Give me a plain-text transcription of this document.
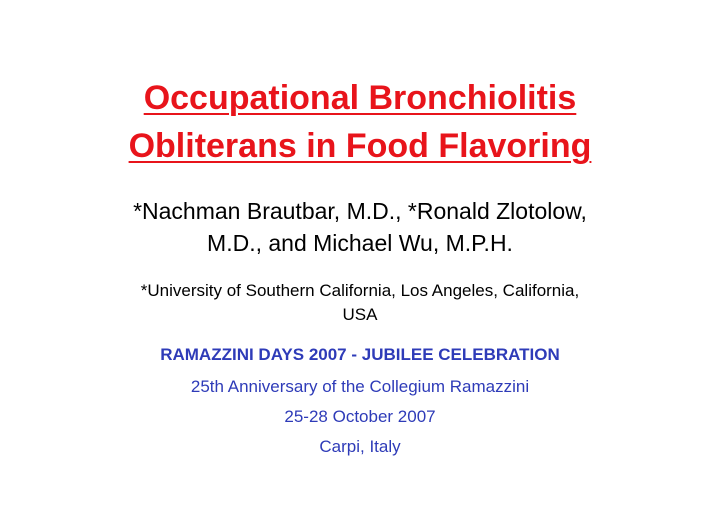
Occupational Bronchiolitis
Obliterans in Food Flavoring
*Nachman Brautbar, M.D., *Ronald Zlotolow,
M.D., and Michael Wu, M.P.H.
*University of Southern California, Los Angeles, California,
USA
RAMAZZINI DAYS 2007 - JUBILEE CELEBRATION
25th Anniversary of the Collegium Ramazzini
25-28 October 2007
Carpi, Italy
